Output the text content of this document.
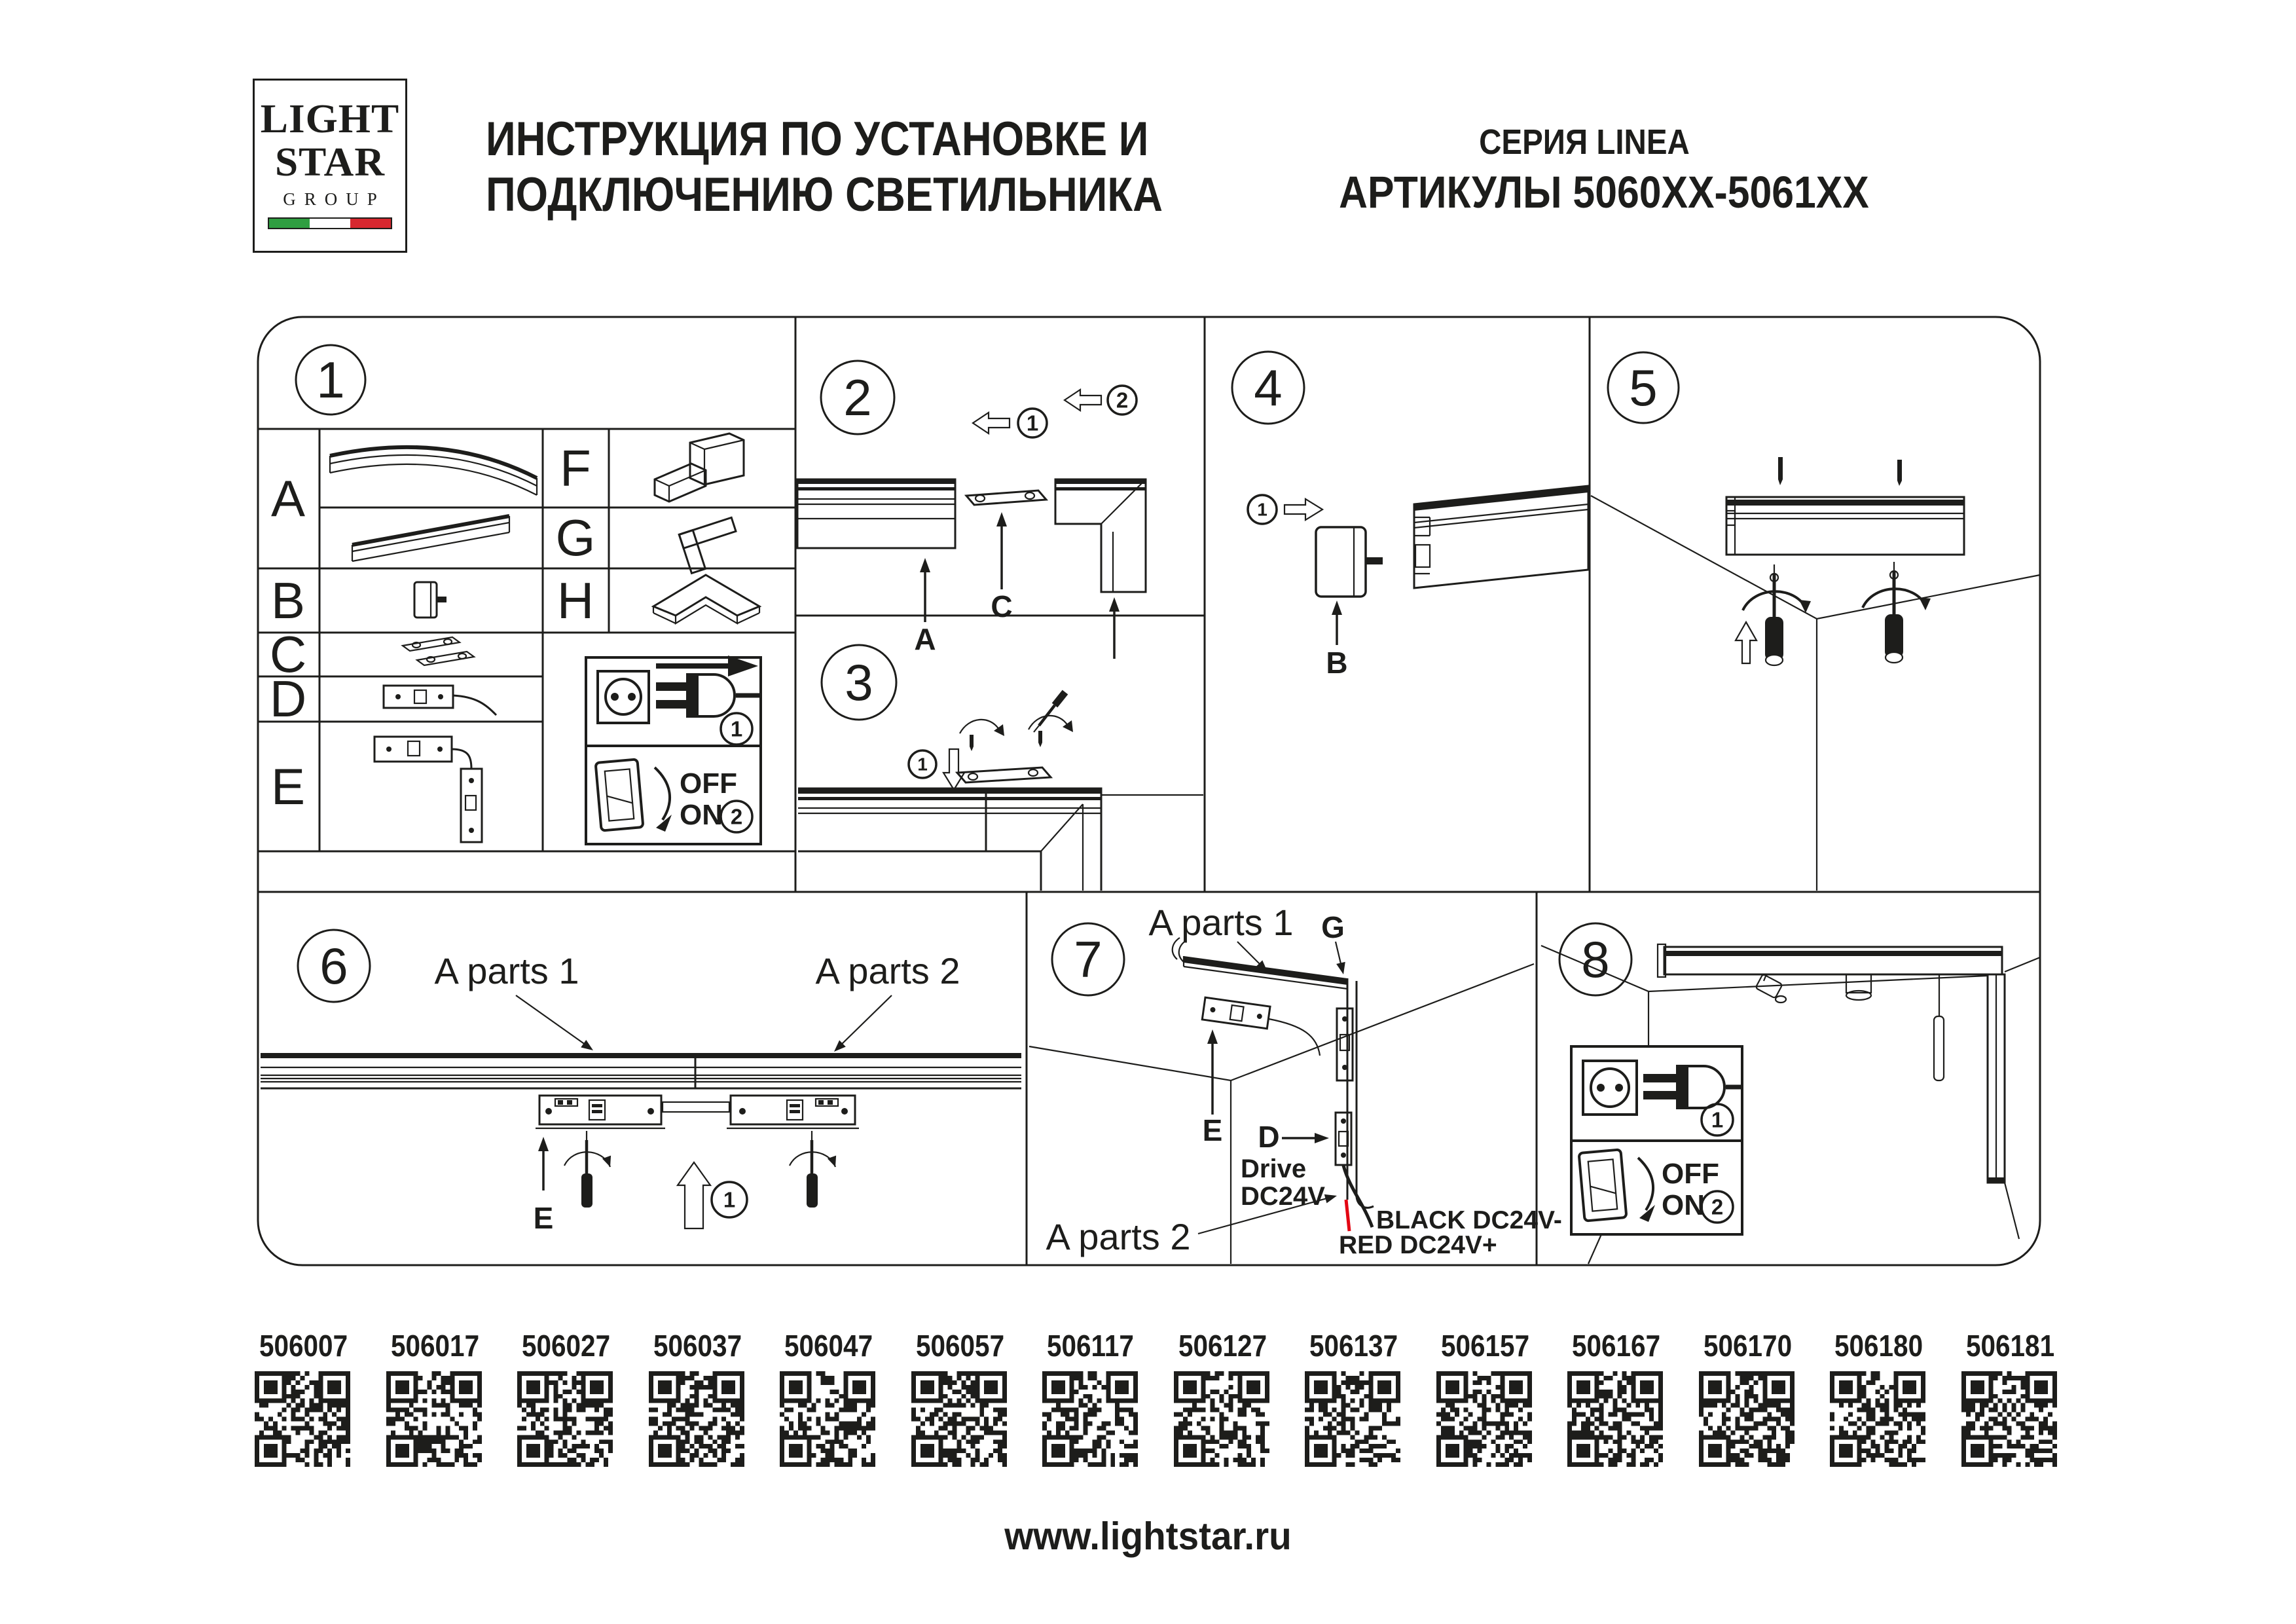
LIGHT
STAR
GROUP
ИНСТРУКЦИЯ ПО УСТАНОВКЕ И
ПОДКЛЮЧЕНИЮ СВЕТИЛЬНИКА
СЕРИЯ LINEA
АРТИКУЛЫ 5060XX-5061XX
1
A
B
C
D
E
F
G
H
1
OFF
ON 2
2
A
C
1
2
3
1
4
1
B
5
6 A parts 1	A parts 2
E
1
7
A parts 1 G
E D
Drive
DC24V
BLACK DC24V-
RED DC24V+
A parts 2
8
1
OFF
ON 2
506007 506017 506027 506037 506047 506057 506117 506127 506137 506157 506167 506170 506180 506181
www.lightstar.ru
